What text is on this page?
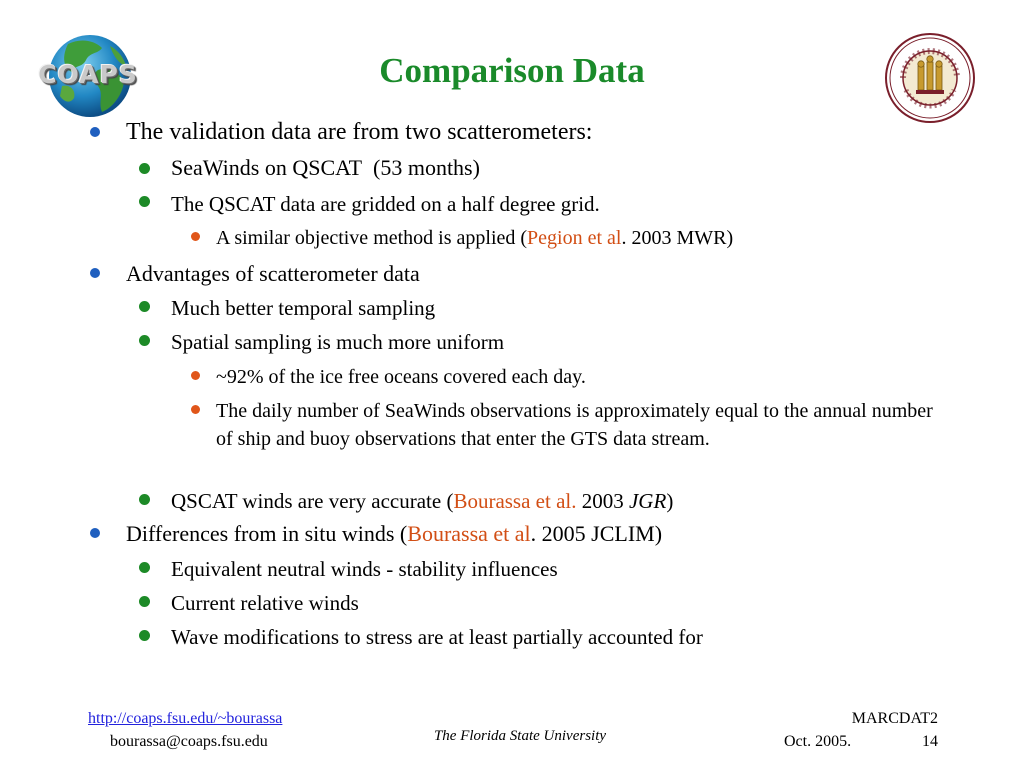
COAPS	Comparison Data
The validation data are from two scatterometers:
SeaWinds on QSCAT  (53 months)
The QSCAT data are gridded on a half degree grid.
A similar objective method is applied (Pegion et al. 2003 MWR)
Advantages of scatterometer data
Much better temporal sampling
Spatial sampling is much more uniform
~92% of the ice free oceans covered each day.
The daily number of SeaWinds observations is approximately equal to the annual number of ship and buoy observations that enter the GTS data stream.
QSCAT winds are very accurate (Bourassa et al. 2003 JGR)
Differences from in situ winds (Bourassa et al. 2005 JCLIM)
Equivalent neutral winds - stability influences
Current relative winds
Wave modifications to stress are at least partially accounted for
http://coaps.fsu.edu/~bourassa
bourassa@coaps.fsu.edu	The Florida State University
MARCDAT2
Oct. 2005.	14
